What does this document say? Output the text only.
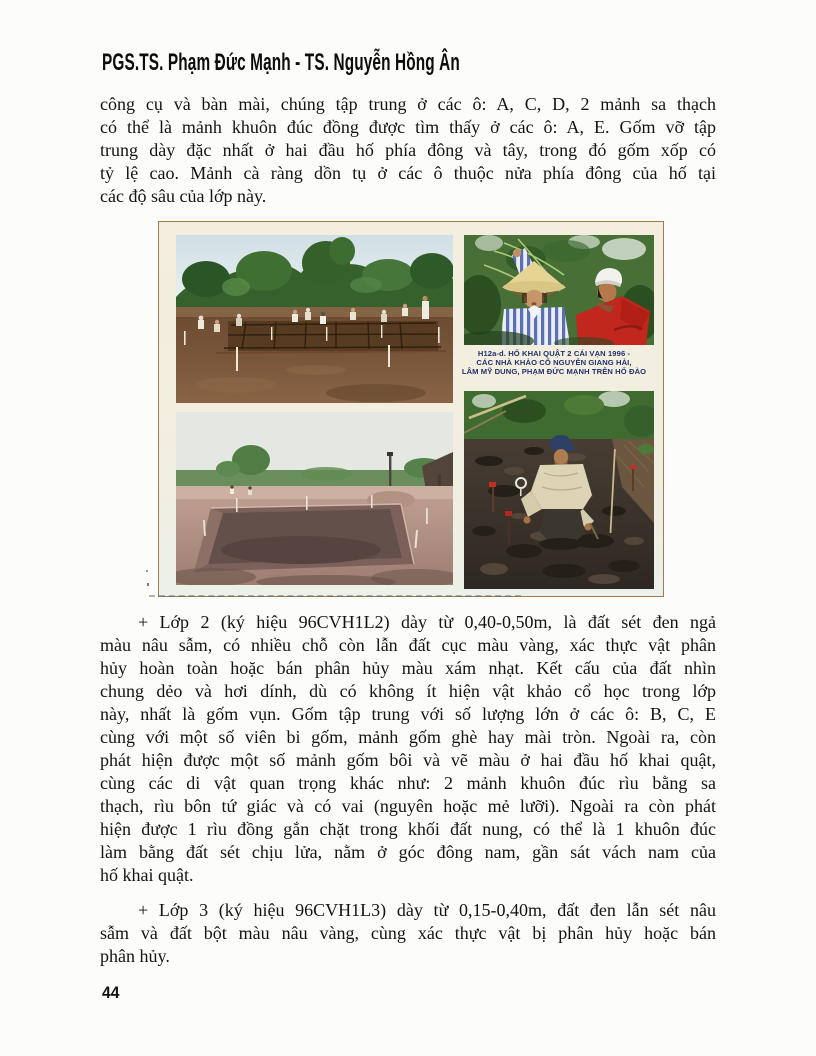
PGS.TS. Phạm Đức Mạnh - TS. Nguyễn Hồng Ân
công cụ và bàn mài, chúng tập trung ở các ô: A, C, D, 2 mảnh sa thạch
có thể là mảnh khuôn đúc đồng được tìm thấy ở các ô: A, E. Gốm vỡ tập
trung dày đặc nhất ở hai đầu hố phía đông và tây, trong đó gốm xốp có
tỷ lệ cao. Mảnh cà ràng dồn tụ ở các ô thuộc nửa phía đông của hố tại
các độ sâu của lớp này.
H12a-d. HỐ KHAI QUẬT 2 CÁI VẠN 1996 -
CÁC NHÀ KHẢO CỔ NGUYỄN GIANG HẢI,
LÂM MỸ DUNG, PHẠM ĐỨC MẠNH TRÊN HỐ ĐÀO
+ Lớp 2 (ký hiệu 96CVH1L2) dày từ 0,40-0,50m, là đất sét đen ngả
màu nâu sẫm, có nhiều chỗ còn lẫn đất cục màu vàng, xác thực vật phân
hủy hoàn toàn hoặc bán phân hủy màu xám nhạt. Kết cấu của đất nhìn
chung dẻo và hơi dính, dù có không ít hiện vật khảo cổ học trong lớp
này, nhất là gốm vụn. Gốm tập trung với số lượng lớn ở các ô: B, C, E
cùng với một số viên bi gốm, mảnh gốm ghè hay mài tròn. Ngoài ra, còn
phát hiện được một số mảnh gốm bôi và vẽ màu ở hai đầu hố khai quật,
cùng các di vật quan trọng khác như: 2 mảnh khuôn đúc rìu bằng sa
thạch, rìu bôn tứ giác và có vai (nguyên hoặc mẻ lưỡi). Ngoài ra còn phát
hiện được 1 rìu đồng gắn chặt trong khối đất nung, có thể là 1 khuôn đúc
làm bằng đất sét chịu lửa, nằm ở góc đông nam, gần sát vách nam của
hố khai quật.
+ Lớp 3 (ký hiệu 96CVH1L3) dày từ 0,15-0,40m, đất đen lẫn sét nâu
sẫm và đất bột màu nâu vàng, cùng xác thực vật bị phân hủy hoặc bán
phân hủy.
44
